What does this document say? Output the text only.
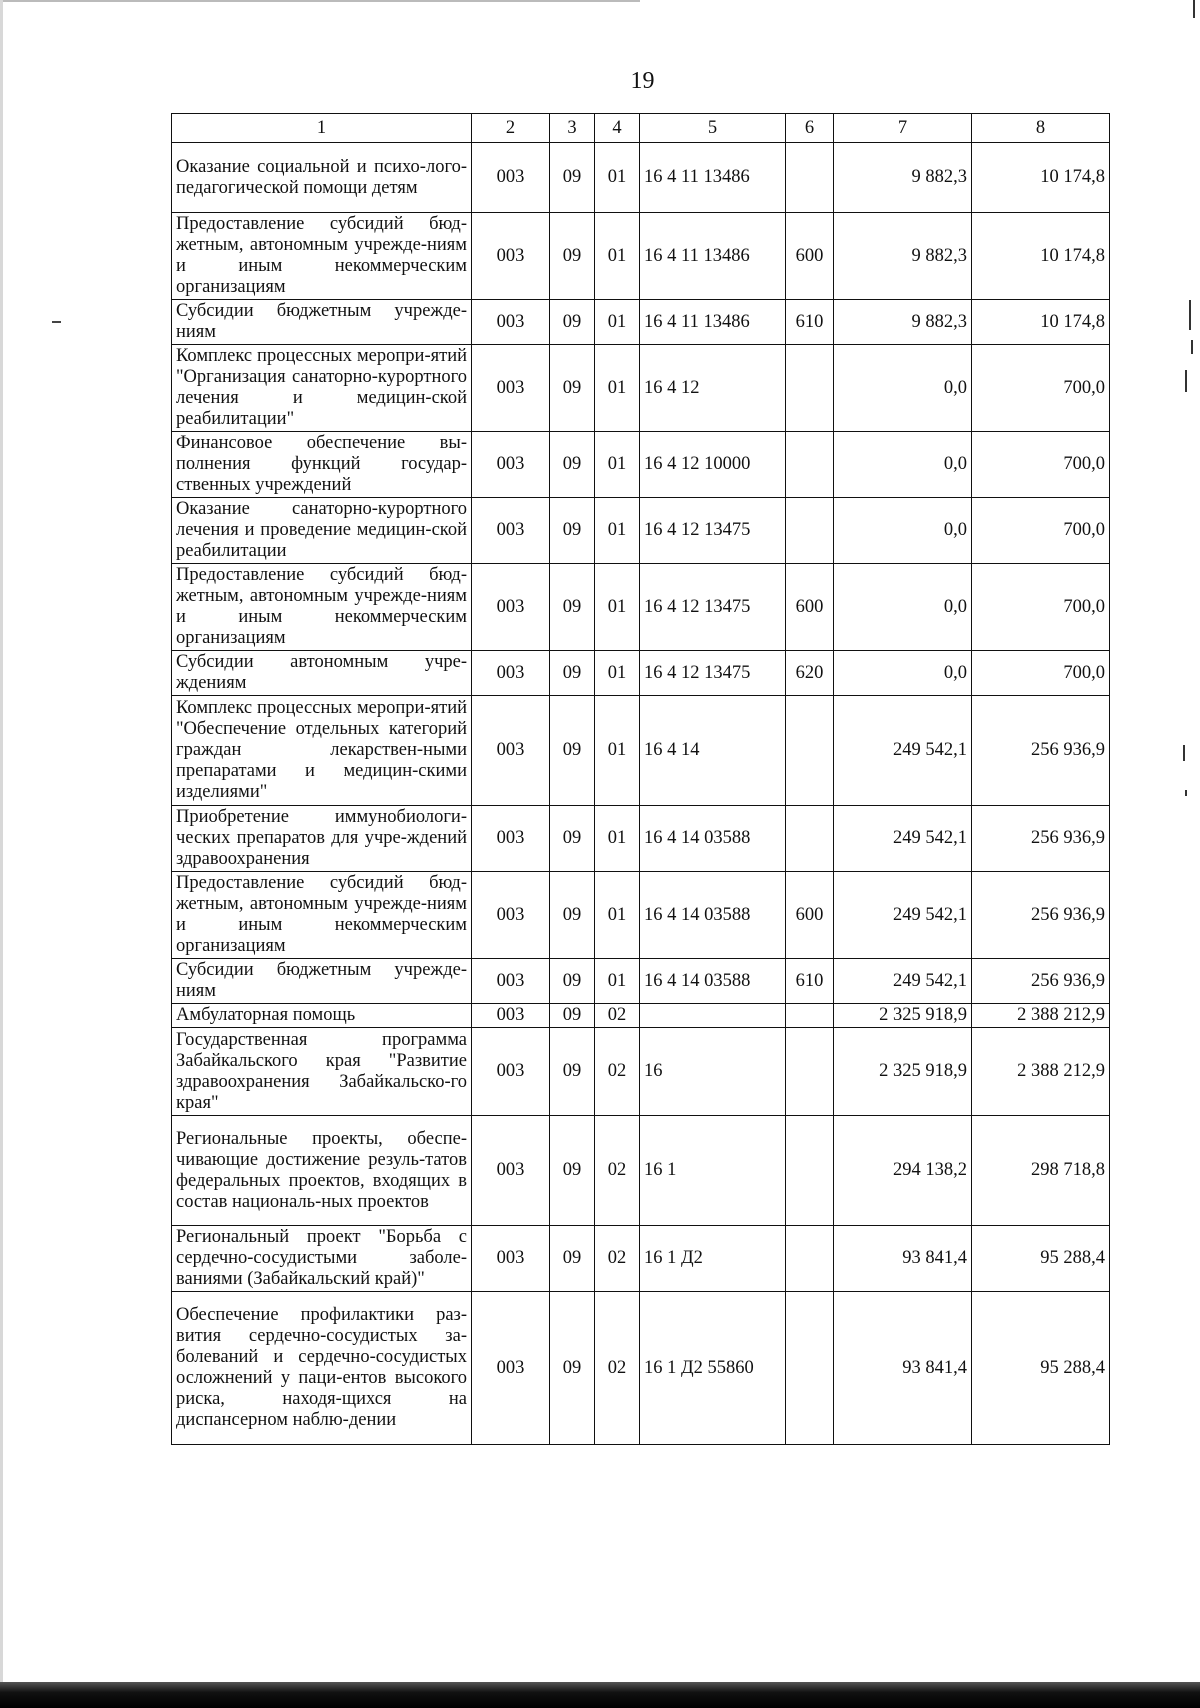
19
1	2	3	4	5	6	7	8
Оказание социальной и психо-лого-педагогической помощи детям	003	09	01	16 4 11 13486		9 882,3	10 174,8
Предоставление субсидий бюд-жетным, автономным учрежде-ниям и иным некоммерческим организациям	003	09	01	16 4 11 13486	600	9 882,3	10 174,8
Субсидии бюджетным учрежде-ниям	003	09	01	16 4 11 13486	610	9 882,3	10 174,8
Комплекс процессных меропри-ятий "Организация санаторно-курортного лечения и медицин-ской реабилитации"	003	09	01	16 4 12		0,0	700,0
Финансовое обеспечение вы-полнения функций государ-ственных учреждений	003	09	01	16 4 12 10000		0,0	700,0
Оказание санаторно-курортного лечения и проведение медицин-ской реабилитации	003	09	01	16 4 12 13475		0,0	700,0
Предоставление субсидий бюд-жетным, автономным учрежде-ниям и иным некоммерческим организациям	003	09	01	16 4 12 13475	600	0,0	700,0
Субсидии автономным учре-ждениям	003	09	01	16 4 12 13475	620	0,0	700,0
Комплекс процессных меропри-ятий "Обеспечение отдельных категорий граждан лекарствен-ными препаратами и медицин-скими изделиями"	003	09	01	16 4 14		249 542,1	256 936,9
Приобретение иммунобиологи-ческих препаратов для учре-ждений здравоохранения	003	09	01	16 4 14 03588		249 542,1	256 936,9
Предоставление субсидий бюд-жетным, автономным учрежде-ниям и иным некоммерческим организациям	003	09	01	16 4 14 03588	600	249 542,1	256 936,9
Субсидии бюджетным учрежде-ниям	003	09	01	16 4 14 03588	610	249 542,1	256 936,9
Амбулаторная помощь	003	09	02			2 325 918,9	2 388 212,9
Государственная программа Забайкальского края "Развитие здравоохранения Забайкальско-го края"	003	09	02	16		2 325 918,9	2 388 212,9
Региональные проекты, обеспе-чивающие достижение резуль-татов федеральных проектов, входящих в состав националь-ных проектов	003	09	02	16 1		294 138,2	298 718,8
Региональный проект "Борьба с сердечно-сосудистыми заболе-ваниями (Забайкальский край)"	003	09	02	16 1 Д2		93 841,4	95 288,4
Обеспечение профилактики раз-вития сердечно-сосудистых за-болеваний и сердечно-сосудистых осложнений у паци-ентов высокого риска, находя-щихся на диспансерном наблю-дении	003	09	02	16 1 Д2 55860		93 841,4	95 288,4
